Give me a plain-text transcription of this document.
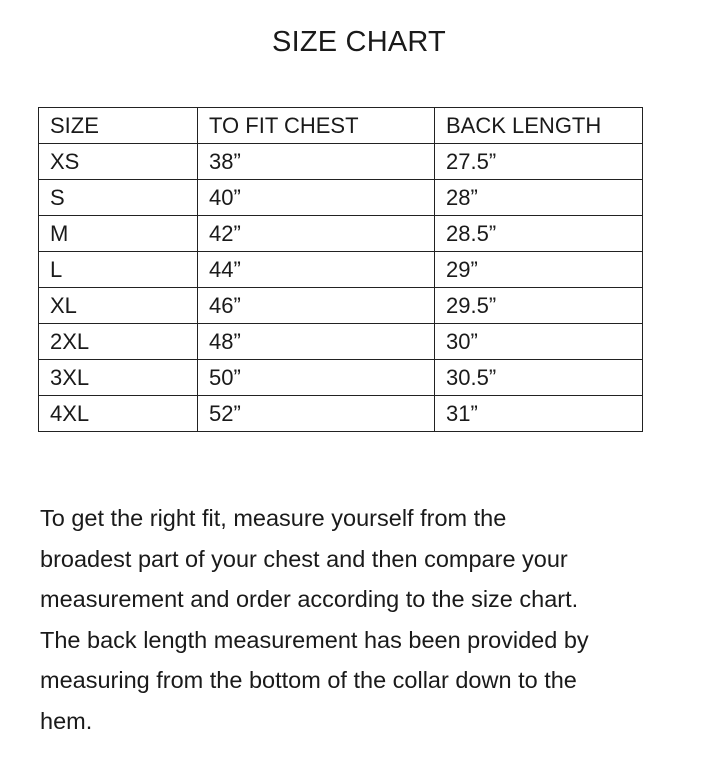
SIZE CHART
SIZE	TO FIT CHEST	BACK LENGTH
XS	38”	27.5”
S	40”	28”
M	42”	28.5”
L	44”	29”
XL	46”	29.5”
2XL	48”	30”
3XL	50”	30.5”
4XL	52”	31”

To get the right fit, measure yourself from the

broadest part of your chest and then compare your

measurement and order according to the size chart.

The back length measurement has been provided by

measuring from the bottom of the collar down to the

hem.
